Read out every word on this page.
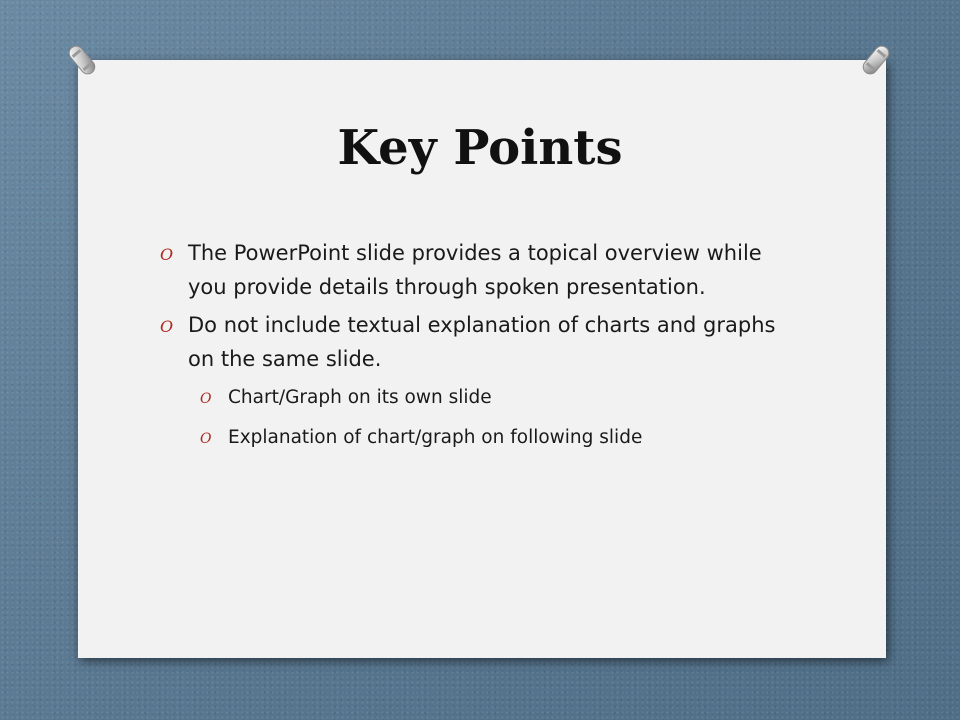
Key Points
O The PowerPoint slide provides a topical overview while you provide details through spoken presentation.
O Do not include textual explanation of charts and graphs on the same slide.
O Chart/Graph on its own slide
O Explanation of chart/graph on following slide
